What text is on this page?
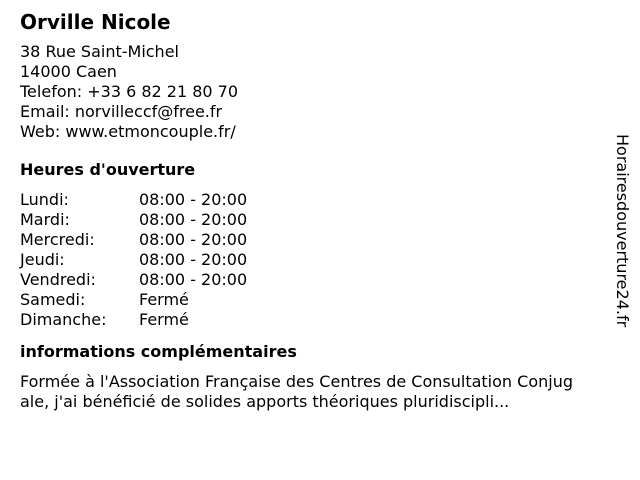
Orville Nicole
38 Rue Saint-Michel
14000 Caen
Telefon: +33 6 82 21 80 70
Email: norvilleccf@free.fr
Web: www.etmoncouple.fr/
Heures d'ouverture
Lundi:	08:00 - 20:00
Mardi:	08:00 - 20:00
Mercredi:	08:00 - 20:00
Jeudi:	08:00 - 20:00
Vendredi:	08:00 - 20:00
Samedi:	Fermé
Dimanche:	Fermé
informations complémentaires
Formée à l'Association Française des Centres de Consultation Conjugale, j'ai bénéficié de solides apports théoriques pluridiscipli...
Horairesdouverture24.fr
